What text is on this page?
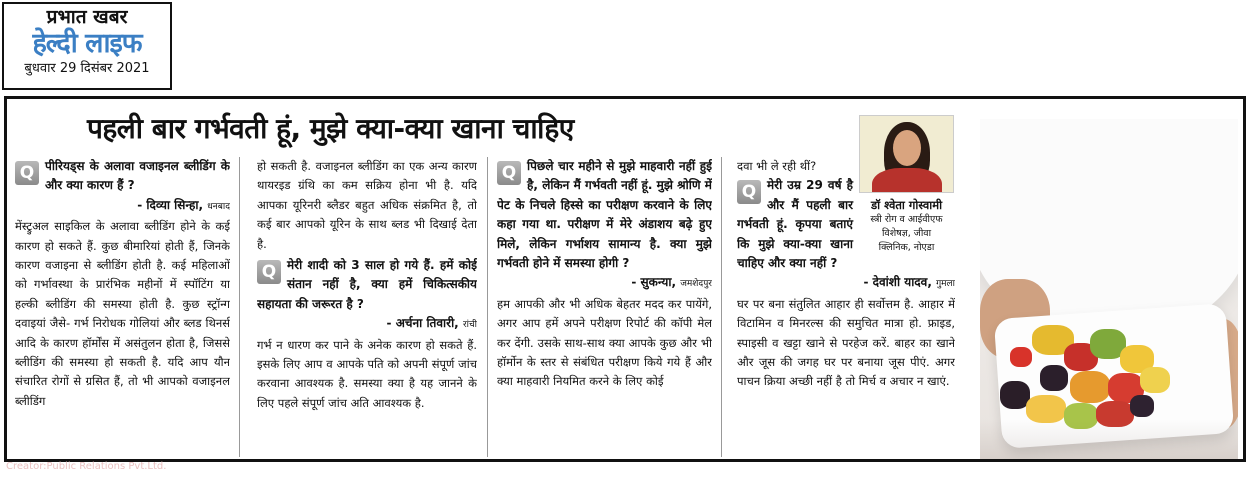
प्रभात खबर
हेल्दी लाइफ
बुधवार 29 दिसंबर 2021
पहली बार गर्भवती हूं, मुझे क्या-क्या खाना चाहिए
Q पीरियड्स के अलावा वजाइनल ब्लीडिंग के और क्या कारण हैं ?
- दिव्या सिन्हा, धनबाद

मेंस्ट्रुअल साइकिल के अलावा ब्लीडिंग होने के कई कारण हो सकते हैं. कुछ बीमारियां होती हैं, जिनके कारण वजाइना से ब्लीडिंग होती है. कई महिलाओं को गर्भावस्था के प्रारंभिक महीनों में स्पॉटिंग या हल्की ब्लीडिंग की समस्या होती है. कुछ स्ट्रॉन्ग दवाइयां जैसे- गर्भ निरोधक गोलियां और ब्लड थिनर्स आदि के कारण हॉर्मोंस में असंतुलन होता है, जिससे ब्लीडिंग की समस्या हो सकती है. यदि आप यौन संचारित रोगों से ग्रसित हैं, तो भी आपको वजाइनल ब्लीडिंग

हो सकती है. वजाइनल ब्लीडिंग का एक अन्य कारण थायरइड ग्रंथि का कम सक्रिय होना भी है. यदि आपका यूरिनरी ब्लैडर बहुत अधिक संक्रमित है, तो कई बार आपको यूरिन के साथ ब्लड भी दिखाई देता है.

Q मेरी शादी को 3 साल हो गये हैं. हमें कोई संतान नहीं है, क्या हमें चिकित्सकीय सहायता की जरूरत है ?
- अर्चना तिवारी, रांची

गर्भ न धारण कर पाने के अनेक कारण हो सकते हैं. इसके लिए आप व आपके पति को अपनी संपूर्ण जांच करवाना आवश्यक है. समस्या क्या है यह जानने के लिए पहले संपूर्ण जांच अति आवश्यक है.

Q पिछले चार महीने से मुझे माहवारी नहीं हुई है, लेकिन मैं गर्भवती नहीं हूं. मुझे श्रोणि में पेट के निचले हिस्से का परीक्षण करवाने के लिए कहा गया था. परीक्षण में मेरे अंडाशय बढ़े हुए मिले, लेकिन गर्भाशय सामान्य है. क्या मुझे गर्भवती होने में समस्या होगी ?
- सुकन्या, जमशेदपुर

हम आपकी और भी अधिक बेहतर मदद कर पायेंगे, अगर आप हमें अपने परीक्षण रिपोर्ट की कॉपी मेल कर देंगी. उसके साथ-साथ क्या आपके कुछ और भी हॉर्मोन के स्तर से संबंधित परीक्षण किये गये हैं और क्या माहवारी नियमित करने के लिए कोई

दवा भी ले रही थीं?

Q मेरी उम्र 29 वर्ष है और मैं पहली बार गर्भवती हूं. कृपया बताएं कि मुझे क्या-क्या खाना चाहिए और क्या नहीं ?
- देवांशी यादव, गुमला

घर पर बना संतुलित आहार ही सर्वोत्तम है. आहार में विटामिन व मिनरल्स की समुचित मात्रा हो. फ्राइड, स्पाइसी व खट्टा खाने से परहेज करें. बाहर का खाने और जूस की जगह घर पर बनाया जूस पीएं. अगर पाचन क्रिया अच्छी नहीं है तो मिर्च व अचार न खाएं.

डॉ श्वेता गोस्वामी
स्त्री रोग व आईवीएफ
विशेषज्ञ, जीवा
क्लिनिक, नोएडा
Creator:Public Relations Pvt.Ltd.
